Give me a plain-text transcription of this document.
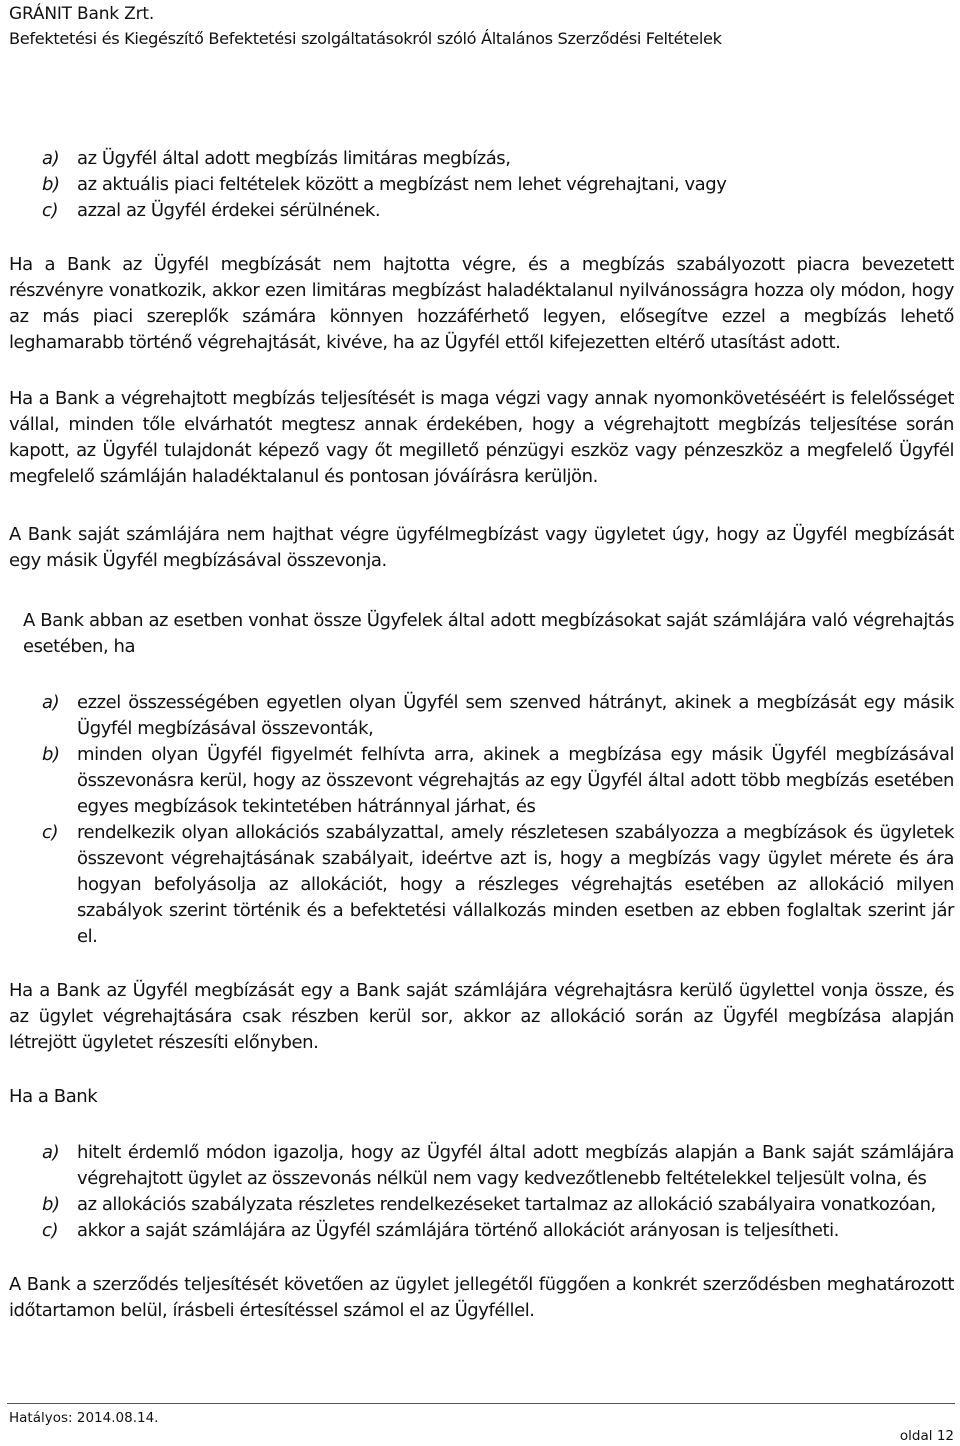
GRÁNIT Bank Zrt.
Befektetési és Kiegészítő Befektetési szolgáltatásokról szóló Általános Szerződési Feltételek
a) az Ügyfél által adott megbízás limitáras megbízás,
b) az aktuális piaci feltételek között a megbízást nem lehet végrehajtani, vagy
c) azzal az Ügyfél érdekei sérülnének.

Ha a Bank az Ügyfél megbízását nem hajtotta végre, és a megbízás szabályozott piacra bevezetett részvényre vonatkozik, akkor ezen limitáras megbízást haladéktalanul nyilvánosságra hozza oly módon, hogy az más piaci szereplők számára könnyen hozzáférhető legyen, elősegítve ezzel a megbízás lehető leghamarabb történő végrehajtását, kivéve, ha az Ügyfél ettől kifejezetten eltérő utasítást adott.

Ha a Bank a végrehajtott megbízás teljesítését is maga végzi vagy annak nyomonkövetéséért is felelősséget vállal, minden tőle elvárhatót megtesz annak érdekében, hogy a végrehajtott megbízás teljesítése során kapott, az Ügyfél tulajdonát képező vagy őt megillető pénzügyi eszköz vagy pénzeszköz a megfelelő Ügyfél megfelelő számláján haladéktalanul és pontosan jóváírásra kerüljön.

A Bank saját számlájára nem hajthat végre ügyfélmegbízást vagy ügyletet úgy, hogy az Ügyfél megbízását egy másik Ügyfél megbízásával összevonja.

A Bank abban az esetben vonhat össze Ügyfelek által adott megbízásokat saját számlájára való végrehajtás esetében, ha

a) ezzel összességében egyetlen olyan Ügyfél sem szenved hátrányt, akinek a megbízását egy másik Ügyfél megbízásával összevonták,
b) minden olyan Ügyfél figyelmét felhívta arra, akinek a megbízása egy másik Ügyfél megbízásával összevonásra kerül, hogy az összevont végrehajtás az egy Ügyfél által adott több megbízás esetében egyes megbízások tekintetében hátránnyal járhat, és
c) rendelkezik olyan allokációs szabályzattal, amely részletesen szabályozza a megbízások és ügyletek összevont végrehajtásának szabályait, ideértve azt is, hogy a megbízás vagy ügylet mérete és ára hogyan befolyásolja az allokációt, hogy a részleges végrehajtás esetében az allokáció milyen szabályok szerint történik és a befektetési vállalkozás minden esetben az ebben foglaltak szerint jár el.

Ha a Bank az Ügyfél megbízását egy a Bank saját számlájára végrehajtásra kerülő ügylettel vonja össze, és az ügylet végrehajtására csak részben kerül sor, akkor az allokáció során az Ügyfél megbízása alapján létrejött ügyletet részesíti előnyben.

Ha a Bank

a) hitelt érdemlő módon igazolja, hogy az Ügyfél által adott megbízás alapján a Bank saját számlájára végrehajtott ügylet az összevonás nélkül nem vagy kedvezőtlenebb feltételekkel teljesült volna, és
b) az allokációs szabályzata részletes rendelkezéseket tartalmaz az allokáció szabályaira vonatkozóan,
c) akkor a saját számlájára az Ügyfél számlájára történő allokációt arányosan is teljesítheti.

A Bank a szerződés teljesítését követően az ügylet jellegétől függően a konkrét szerződésben meghatározott időtartamon belül, írásbeli értesítéssel számol el az Ügyféllel.

Hatályos: 2014.08.14.
oldal 12
